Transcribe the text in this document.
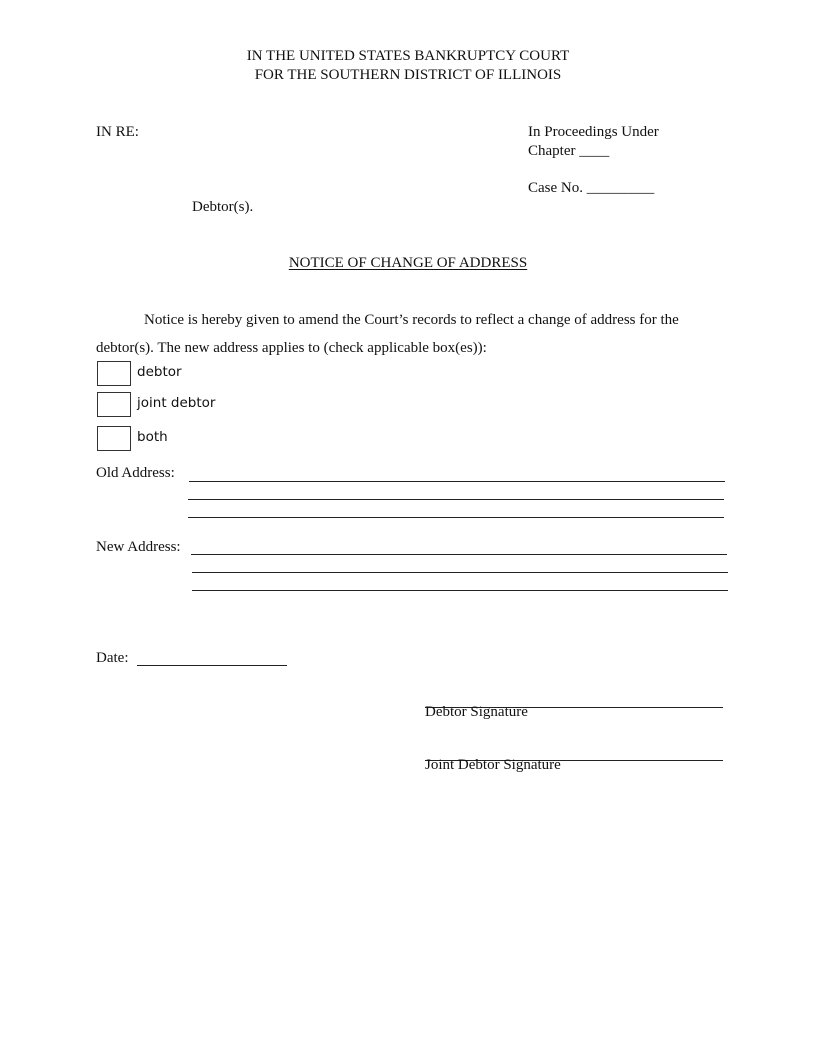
IN THE UNITED STATES BANKRUPTCY COURT
FOR THE SOUTHERN DISTRICT OF ILLINOIS
IN RE:	In Proceedings Under
Chapter ____
Case No. _________
Debtor(s).
NOTICE OF CHANGE OF ADDRESS
Notice is hereby given to amend the Court’s records to reflect a change of address for the
debtor(s). The new address applies to (check applicable box(es)):
debtor
joint debtor
both
Old Address:
New Address:
Date:
Debtor Signature
Joint Debtor Signature
